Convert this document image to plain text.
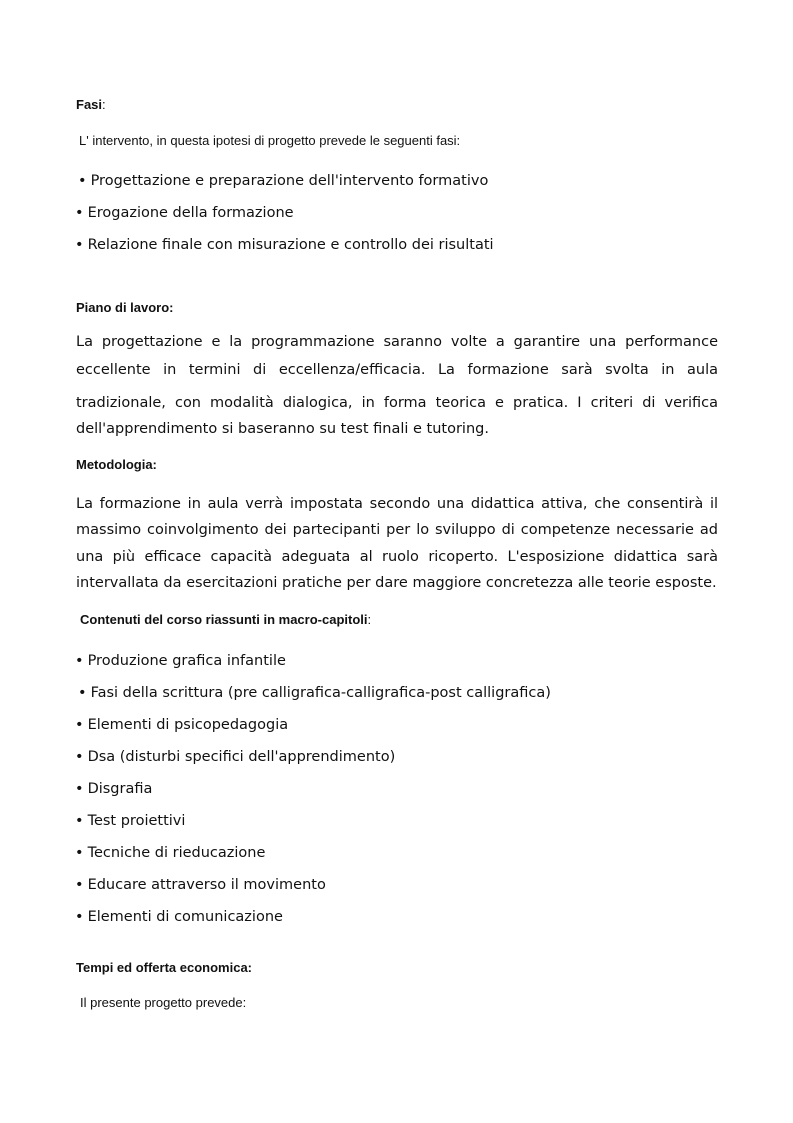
Fasi:
L' intervento, in questa ipotesi di progetto prevede le seguenti fasi:
• Progettazione e preparazione dell'intervento formativo
• Erogazione della formazione
• Relazione finale con misurazione e controllo dei risultati
Piano di lavoro:
La progettazione e la programmazione saranno volte a garantire una performance
eccellente in termini di eccellenza/efficacia. La formazione sarà svolta in aula
tradizionale, con modalità dialogica, in forma teorica e pratica. I criteri di verifica
dell'apprendimento si baseranno su test finali e tutoring.
Metodologia:
La formazione in aula verrà impostata secondo una didattica attiva, che consentirà il
massimo coinvolgimento dei partecipanti per lo sviluppo di competenze necessarie ad
una più efficace capacità adeguata al ruolo ricoperto. L'esposizione didattica sarà
intervallata da esercitazioni pratiche per dare maggiore concretezza alle teorie esposte.
Contenuti del corso riassunti in macro-capitoli:
• Produzione grafica infantile
• Fasi della scrittura (pre calligrafica-calligrafica-post calligrafica)
• Elementi di psicopedagogia
• Dsa (disturbi specifici dell'apprendimento)
• Disgrafia
• Test proiettivi
• Tecniche di rieducazione
• Educare attraverso il movimento
• Elementi di comunicazione
Tempi ed offerta economica:
Il presente progetto prevede:
